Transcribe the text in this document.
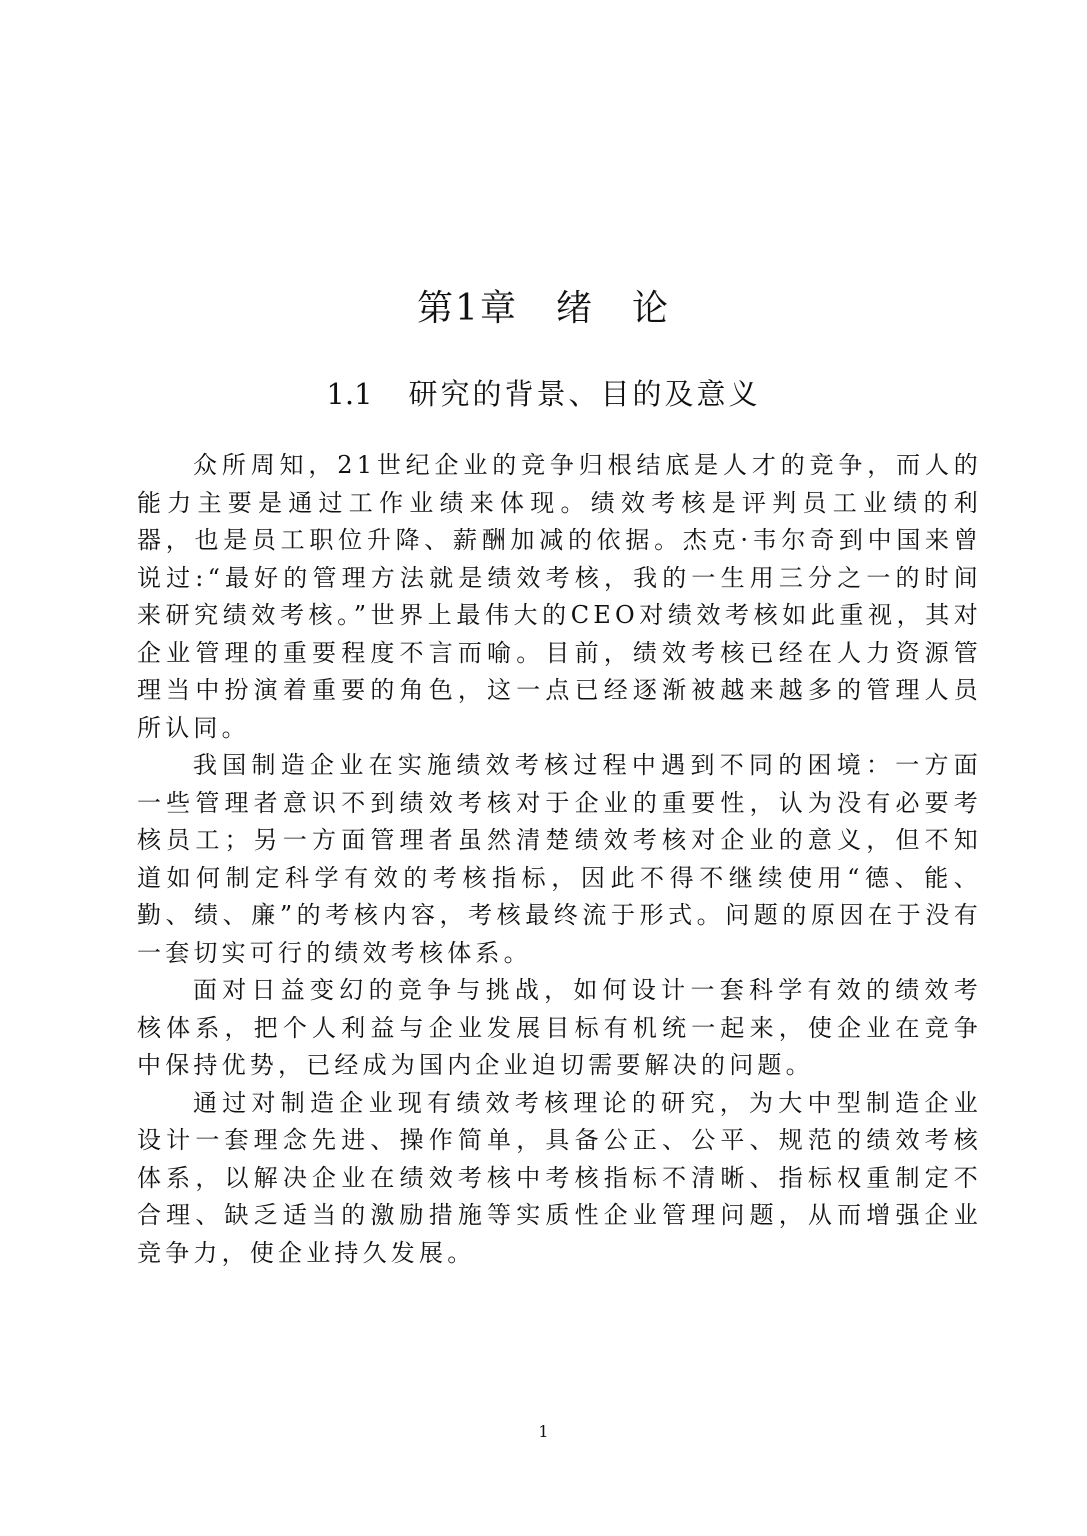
第1章　绪　论
1.1 研究的背景、目的及意义

众所周知，21世纪企业的竞争归根结底是人才的竞争，而人的能力主要是通过工作业绩来体现。绩效考核是评判员工业绩的利器，也是员工职位升降、薪酬加减的依据。杰克·韦尔奇到中国来曾说过:“最好的管理方法就是绩效考核，我的一生用三分之一的时间来研究绩效考核。”世界上最伟大的CEO对绩效考核如此重视，其对企业管理的重要程度不言而喻。目前，绩效考核已经在人力资源管理当中扮演着重要的角色，这一点已经逐渐被越来越多的管理人员所认同。

我国制造企业在实施绩效考核过程中遇到不同的困境：一方面一些管理者意识不到绩效考核对于企业的重要性，认为没有必要考核员工；另一方面管理者虽然清楚绩效考核对企业的意义，但不知道如何制定科学有效的考核指标，因此不得不继续使用“德、能、勤、绩、廉”的考核内容，考核最终流于形式。问题的原因在于没有一套切实可行的绩效考核体系。

面对日益变幻的竞争与挑战，如何设计一套科学有效的绩效考核体系，把个人利益与企业发展目标有机统一起来，使企业在竞争中保持优势，已经成为国内企业迫切需要解决的问题。

通过对制造企业现有绩效考核理论的研究，为大中型制造企业设计一套理念先进、操作简单，具备公正、公平、规范的绩效考核体系，以解决企业在绩效考核中考核指标不清晰、指标权重制定不合理、缺乏适当的激励措施等实质性企业管理问题，从而增强企业竞争力，使企业持久发展。

1
